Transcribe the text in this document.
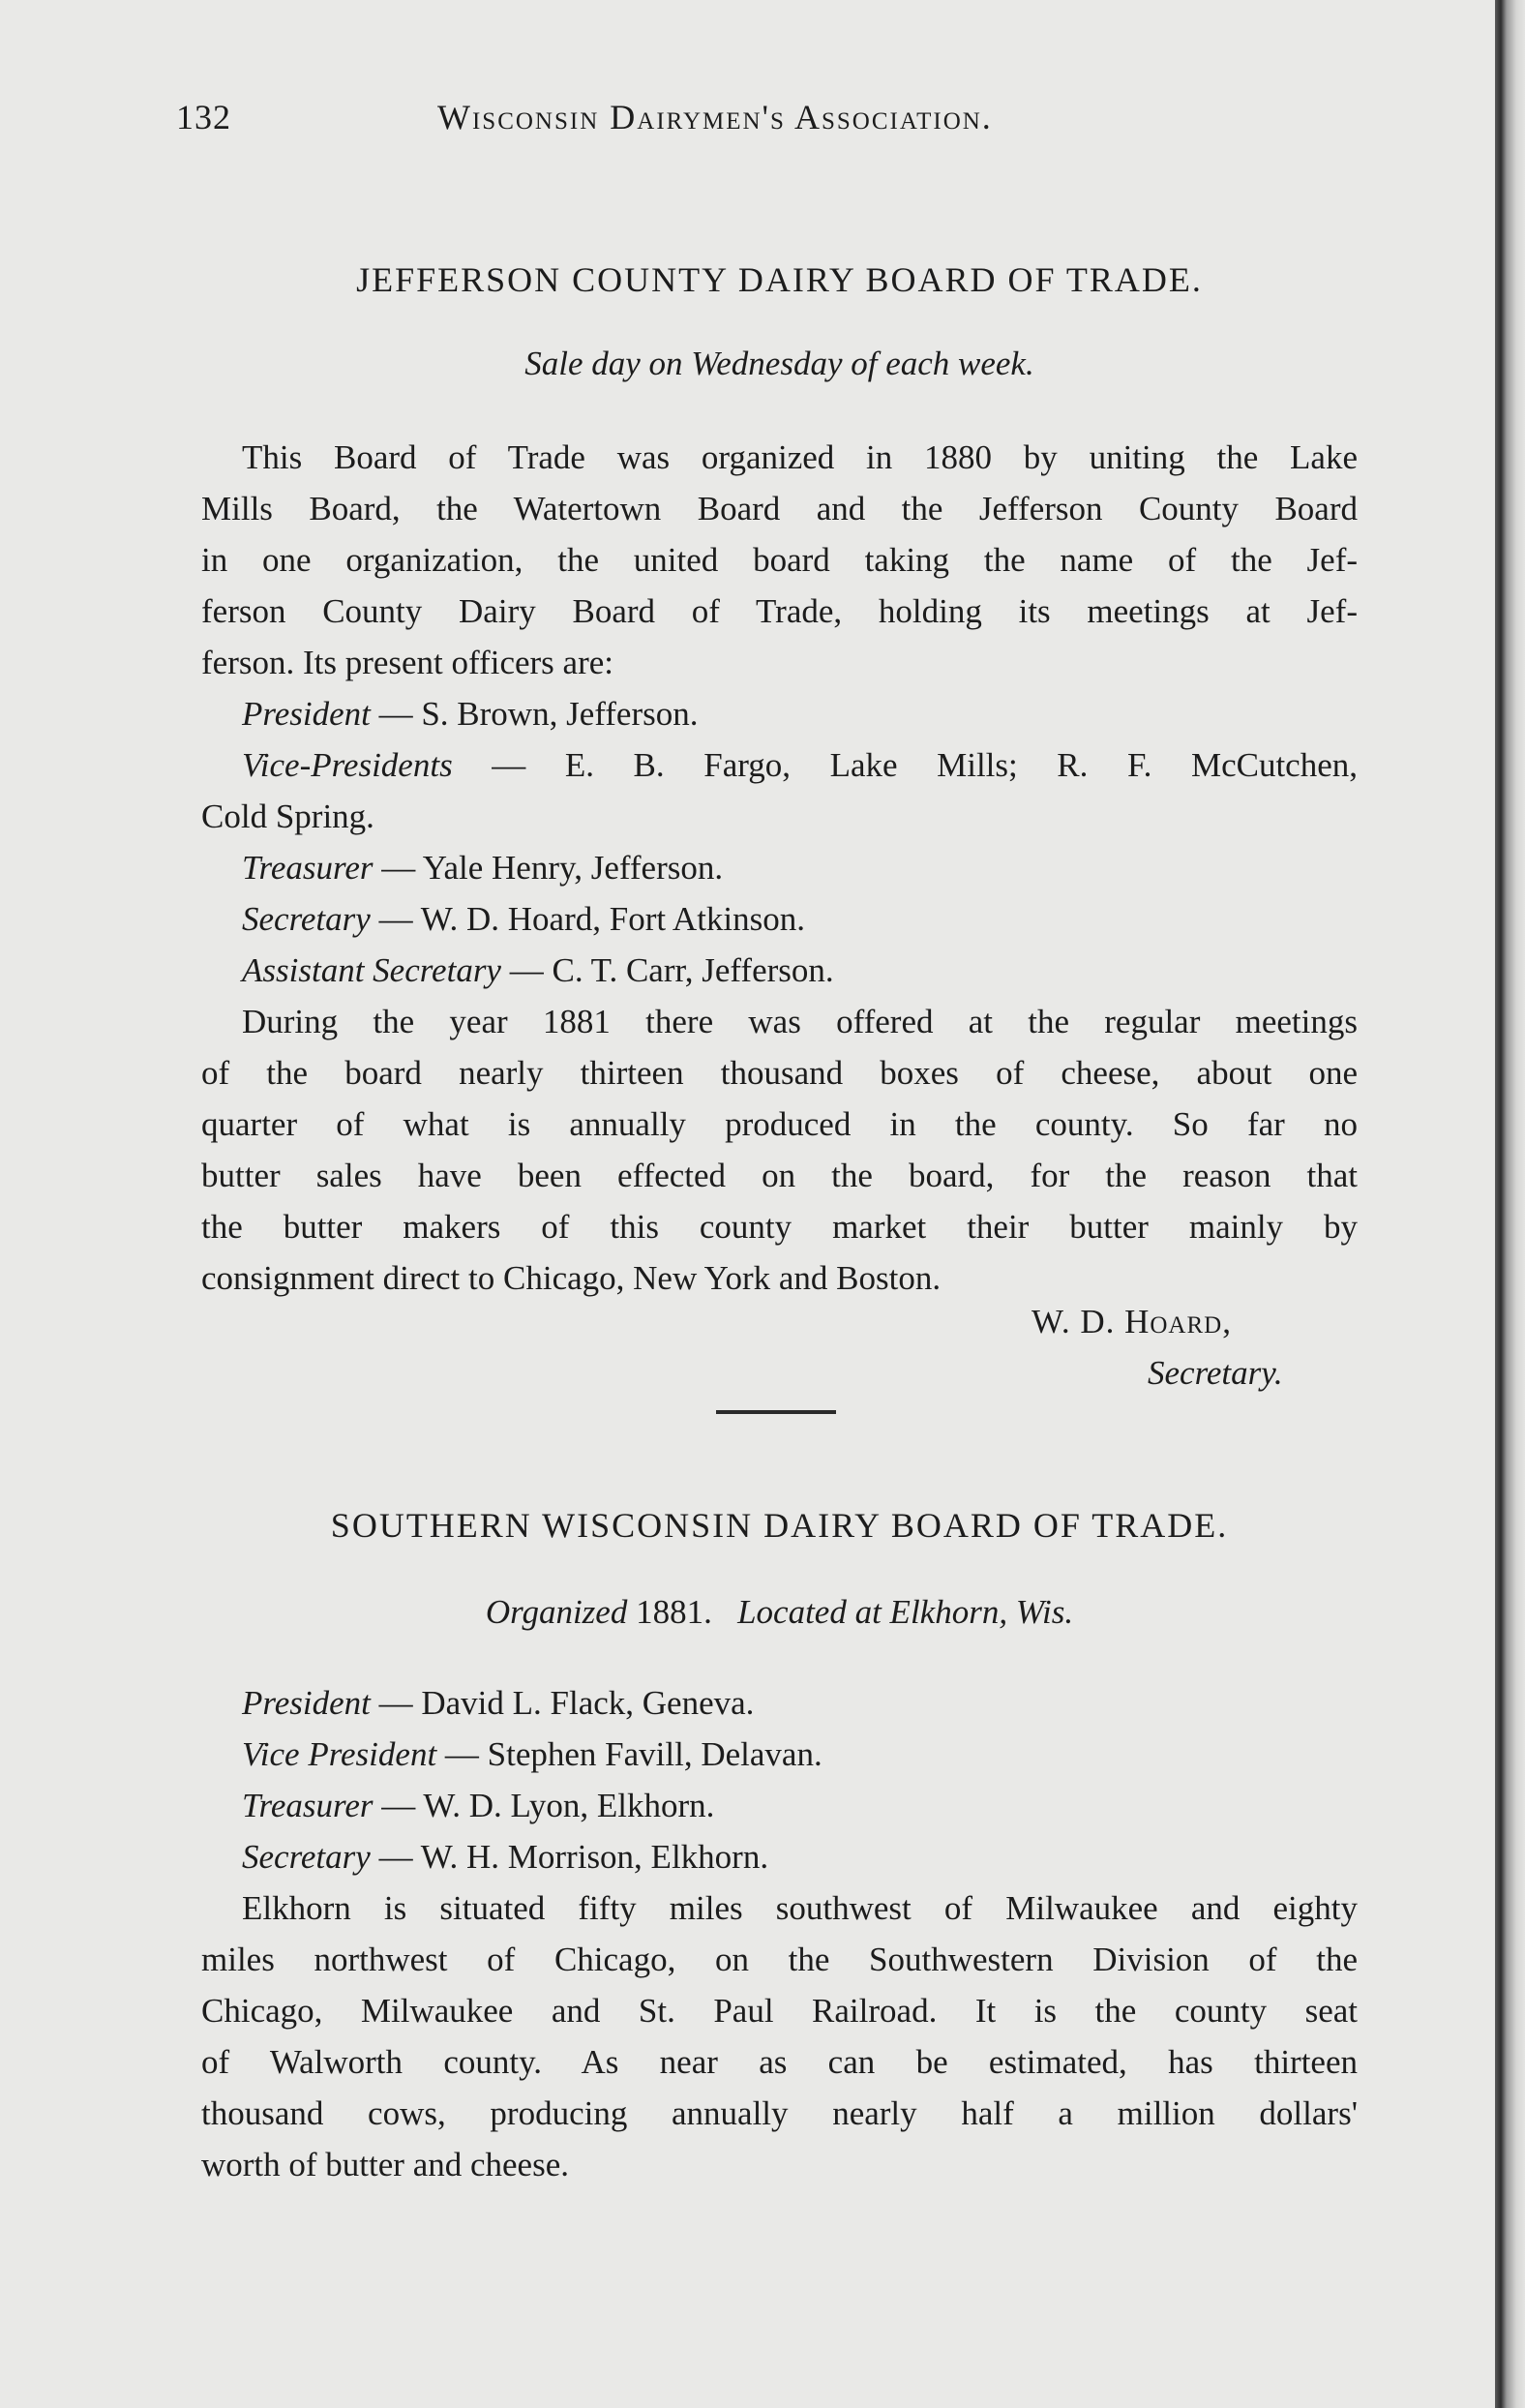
132	Wisconsin Dairymen's Association.
JEFFERSON COUNTY DAIRY BOARD OF TRADE.
Sale day on Wednesday of each week.
This Board of Trade was organized in 1880 by uniting the Lake
Mills Board, the Watertown Board and the Jefferson County Board
in one organization, the united board taking the name of the Jef-
ferson County Dairy Board of Trade, holding its meetings at Jef-
ferson. Its present officers are:
President — S. Brown, Jefferson.
Vice-Presidents — E. B. Fargo, Lake Mills; R. F. McCutchen,
Cold Spring.
Treasurer — Yale Henry, Jefferson.
Secretary — W. D. Hoard, Fort Atkinson.
Assistant Secretary — C. T. Carr, Jefferson.
During the year 1881 there was offered at the regular meetings
of the board nearly thirteen thousand boxes of cheese, about one
quarter of what is annually produced in the county. So far no
butter sales have been effected on the board, for the reason that
the butter makers of this county market their butter mainly by
consignment direct to Chicago, New York and Boston.
W. D. Hoard,
Secretary.
SOUTHERN WISCONSIN DAIRY BOARD OF TRADE.
Organized 1881. Located at Elkhorn, Wis.
President — David L. Flack, Geneva.
Vice President — Stephen Favill, Delavan.
Treasurer — W. D. Lyon, Elkhorn.
Secretary — W. H. Morrison, Elkhorn.
Elkhorn is situated fifty miles southwest of Milwaukee and eighty
miles northwest of Chicago, on the Southwestern Division of the
Chicago, Milwaukee and St. Paul Railroad. It is the county seat
of Walworth county. As near as can be estimated, has thirteen
thousand cows, producing annually nearly half a million dollars'
worth of butter and cheese.
